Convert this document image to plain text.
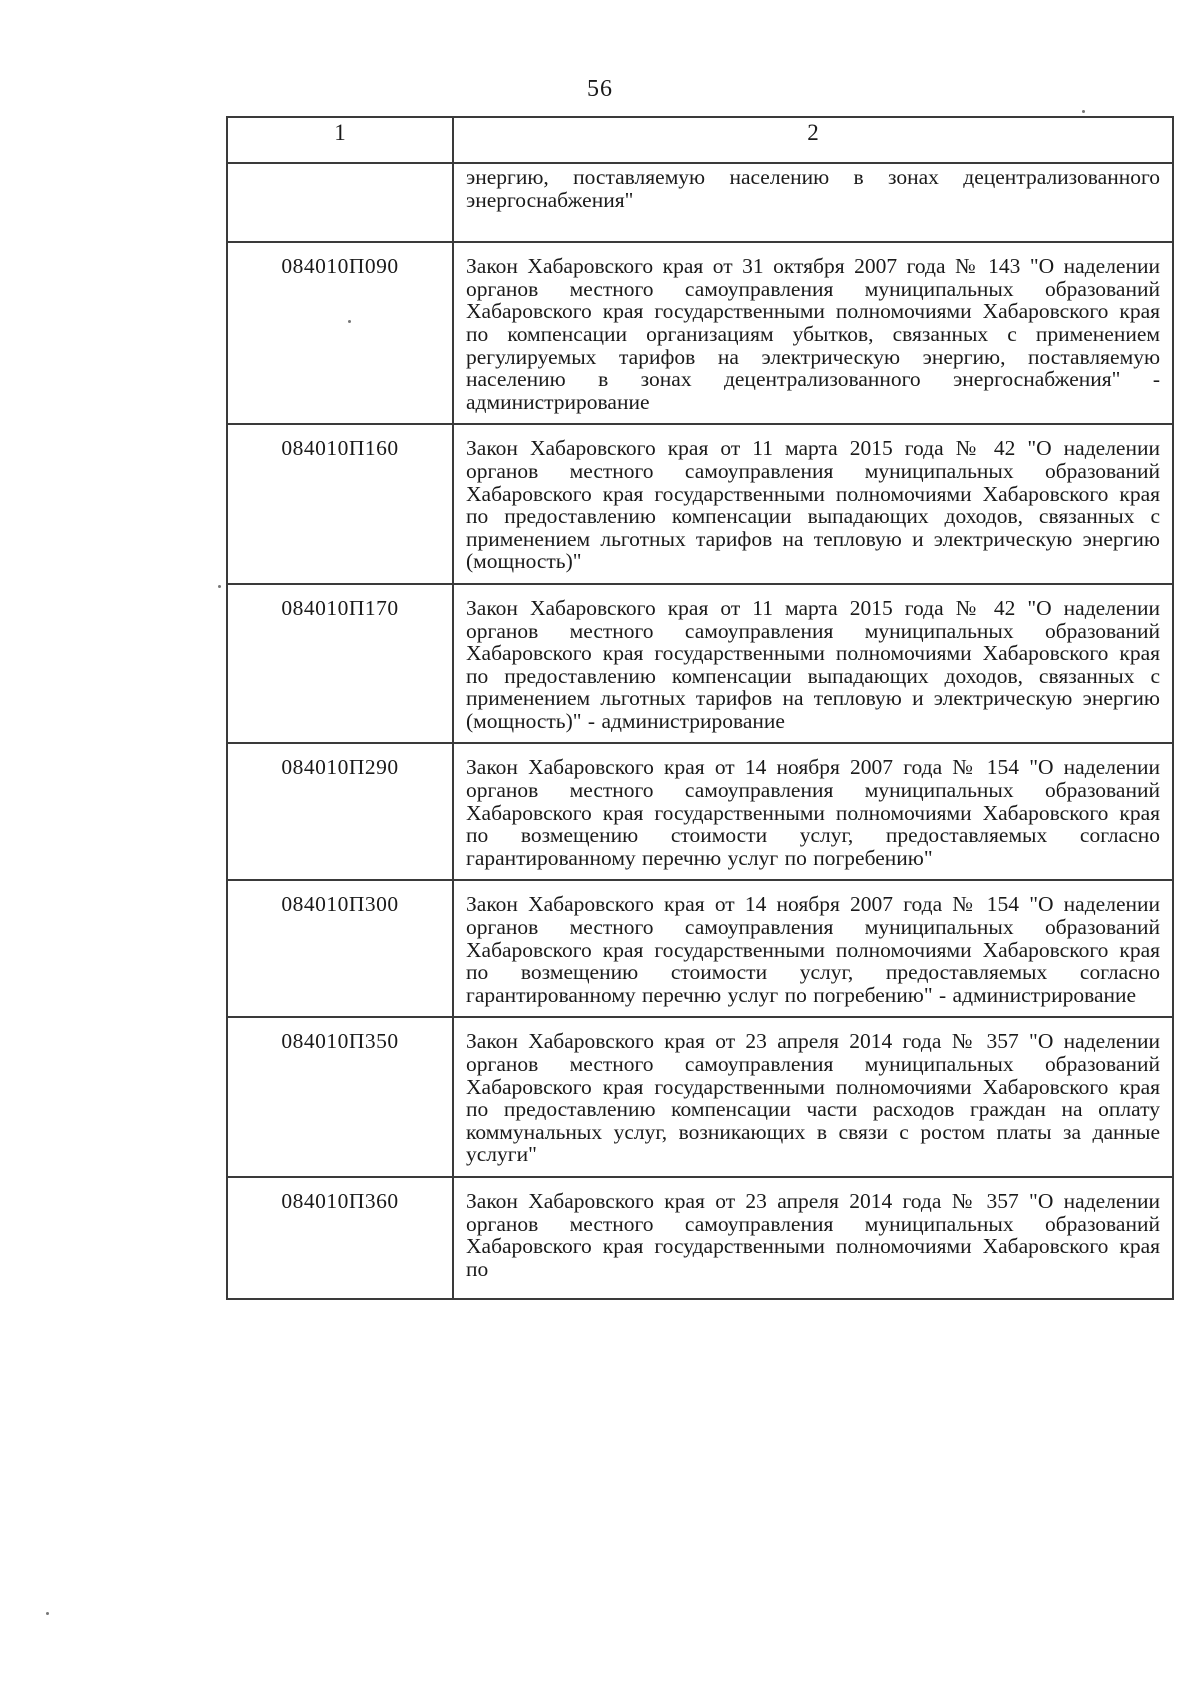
56
1	2
	энергию, поставляемую населению в зонах децентрализованного энергоснабжения"
084010П090	Закон Хабаровского края от 31 октября 2007 года № 143 "О наделении органов местного самоуправления муниципальных образований Хабаровского края государственными полномочиями Хабаровского края по компенсации организациям убытков, связанных с применением регулируемых тарифов на электрическую энергию, поставляемую населению в зонах децентрализованного энергоснабжения" - администрирование
084010П160	Закон Хабаровского края от 11 марта 2015 года № 42 "О наделении органов местного самоуправления муниципальных образований Хабаровского края государственными полномочиями Хабаровского края по предоставлению компенсации выпадающих доходов, связанных с применением льготных тарифов на тепловую и электрическую энергию (мощность)"
084010П170	Закон Хабаровского края от 11 марта 2015 года № 42 "О наделении органов местного самоуправления муниципальных образований Хабаровского края государственными полномочиями Хабаровского края по предоставлению компенсации выпадающих доходов, связанных с применением льготных тарифов на тепловую и электрическую энергию (мощность)" - администрирование
084010П290	Закон Хабаровского края от 14 ноября 2007 года № 154 "О наделении органов местного самоуправления муниципальных образований Хабаровского края государственными полномочиями Хабаровского края по возмещению стоимости услуг, предоставляемых согласно гарантированному перечню услуг по погребению"
084010П300	Закон Хабаровского края от 14 ноября 2007 года № 154 "О наделении органов местного самоуправления муниципальных образований Хабаровского края государственными полномочиями Хабаровского края по возмещению стоимости услуг, предоставляемых согласно гарантированному перечню услуг по погребению" - администрирование
084010П350	Закон Хабаровского края от 23 апреля 2014 года № 357 "О наделении органов местного самоуправления муниципальных образований Хабаровского края государственными полномочиями Хабаровского края по предоставлению компенсации части расходов граждан на оплату коммунальных услуг, возникающих в связи с ростом платы за данные услуги"
084010П360	Закон Хабаровского края от 23 апреля 2014 года № 357 "О наделении органов местного самоуправления муниципальных образований Хабаровского края государственными полномочиями Хабаровского края по
